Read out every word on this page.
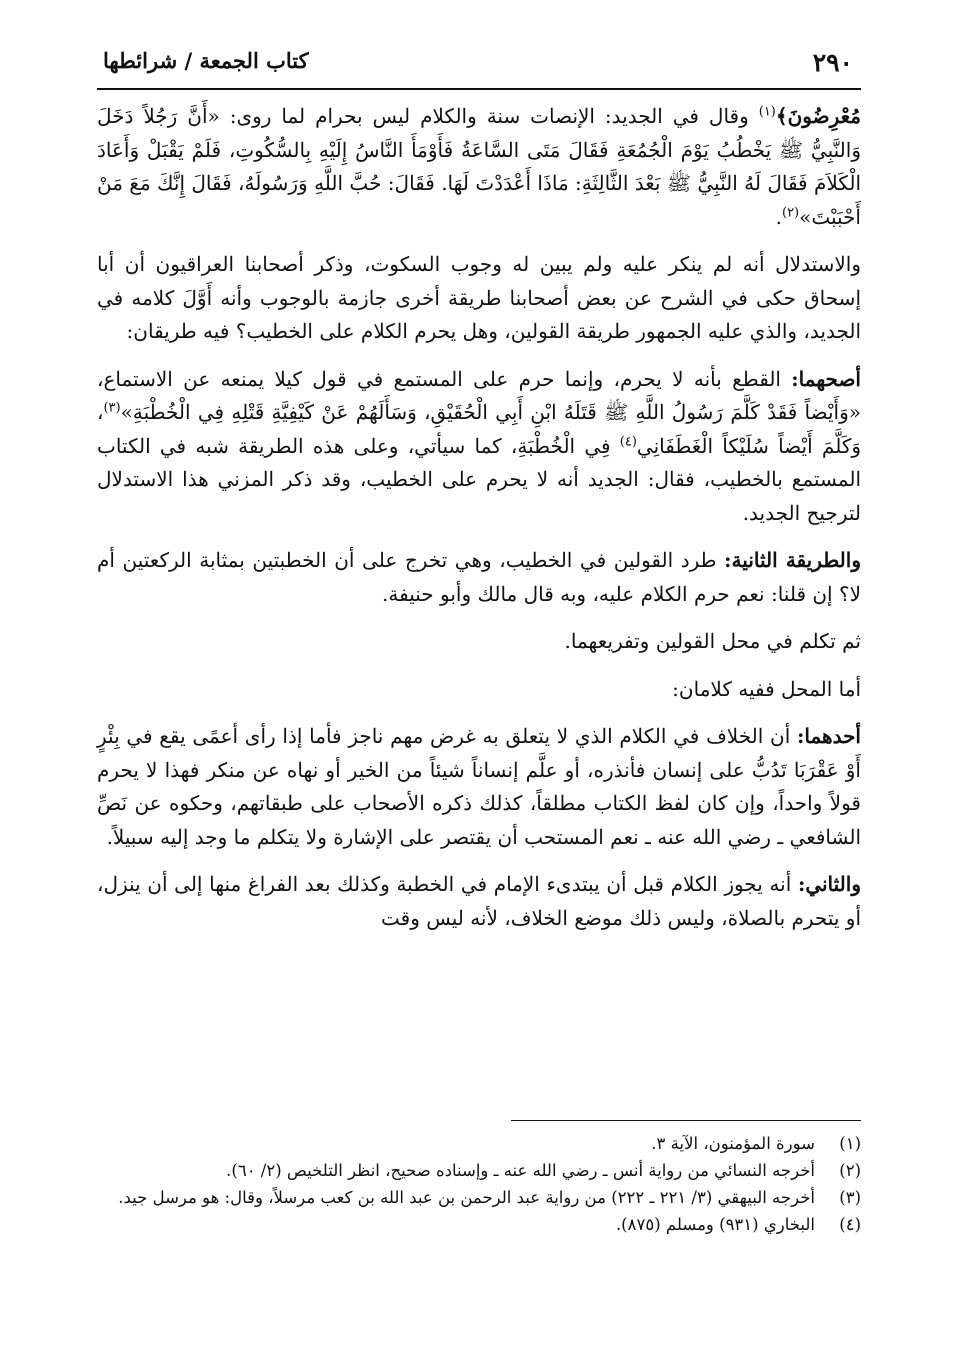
٢٩٠
كتاب الجمعة / شرائطها

مُعْرِضُونَ﴾$^{(١)}$ وقال في الجديد: الإنصات سنة والكلام ليس بحرام لما روى: «أَنَّ رَجُلاً دَخَلَ وَالنَّبِيُّ ﷺ يَخْطُبُ يَوْمَ الْجُمُعَةِ فَقَالَ مَتَى السَّاعَةُ فَأَوْمَأَ النَّاسُ إِلَيْهِ بِالسُّكُوتِ، فَلَمْ يَقْبَلْ وَأَعَادَ الْكَلاَمَ فَقَالَ لَهُ النَّبِيُّ ﷺ بَعْدَ الثَّالِثَةِ: مَاذَا أَعْدَدْتَ لَهَا. فَقَالَ: حُبَّ اللَّهِ وَرَسُولَهُ، فَقَالَ إِنَّكَ مَعَ مَنْ أَحْبَبْتَ»$^{(٢)}$.

والاستدلال أنه لم ينكر عليه ولم يبين له وجوب السكوت، وذكر أصحابنا العراقيون أن أبا إسحاق حكى في الشرح عن بعض أصحابنا طريقة أخرى جازمة بالوجوب وأنه أَوَّلَ كلامه في الجديد، والذي عليه الجمهور طريقة القولين، وهل يحرم الكلام على الخطيب؟ فيه طريقان:

أصحهما: القطع بأنه لا يحرم، وإنما حرم على المستمع في قول كيلا يمنعه عن الاستماع، «وَأَيْضاً فَقَدْ كَلَّمَ رَسُولُ اللَّهِ ﷺ قَتَلَهُ ابْنِ أَبِي الْحُقَيْقِ، وَسَأَلَهُمْ عَنْ كَيْفِيَّةِ قَتْلِهِ فِي الْخُطْبَةِ»$^{(٣)}$، وَكَلَّمَ أَيْضاً سُلَيْكاً الْغَطَفَانِي$^{(٤)}$ فِي الْخُطْبَةِ، كما سيأتي، وعلى هذه الطريقة شبه في الكتاب المستمع بالخطيب، فقال: الجديد أنه لا يحرم على الخطيب، وقد ذكر المزني هذا الاستدلال لترجيح الجديد.

والطريقة الثانية: طرد القولين في الخطيب، وهي تخرج على أن الخطبتين بمثابة الركعتين أم لا؟ إن قلنا: نعم حرم الكلام عليه، وبه قال مالك وأبو حنيفة.

ثم تكلم في محل القولين وتفريعهما.

أما المحل ففيه كلامان:

أحدهما: أن الخلاف في الكلام الذي لا يتعلق به غرض مهم ناجز فأما إذا رأى أعمًى يقع في بِئْرٍ أَوْ عَقْرَبَا تَدُبُّ على إنسان فأنذره، أو علَّم إنساناً شيئاً من الخير أو نهاه عن منكر فهذا لا يحرم قولاً واحداً، وإن كان لفظ الكتاب مطلقاً، كذلك ذكره الأصحاب على طبقاتهم، وحكوه عن نَصِّ الشافعي ـ رضي الله عنه ـ نعم المستحب أن يقتصر على الإشارة ولا يتكلم ما وجد إليه سبيلاً.

والثاني: أنه يجوز الكلام قبل أن يبتدىء الإمام في الخطبة وكذلك بعد الفراغ منها إلى أن ينزل، أو يتحرم بالصلاة، وليس ذلك موضع الخلاف، لأنه ليس وقت

(١)
سورة المؤمنون، الآية ٣.
(٢)
أخرجه النسائي من رواية أنس ـ رضي الله عنه ـ وإسناده صحيح، انظر التلخيص (٢/ ٦٠).
(٣)
أخرجه البيهقي (٣/ ٢٢١ ـ ٢٢٢) من رواية عبد الرحمن بن عبد الله بن كعب مرسلاً، وقال: هو مرسل جيد.
(٤)
البخاري (٩٣١) ومسلم (٨٧٥).
